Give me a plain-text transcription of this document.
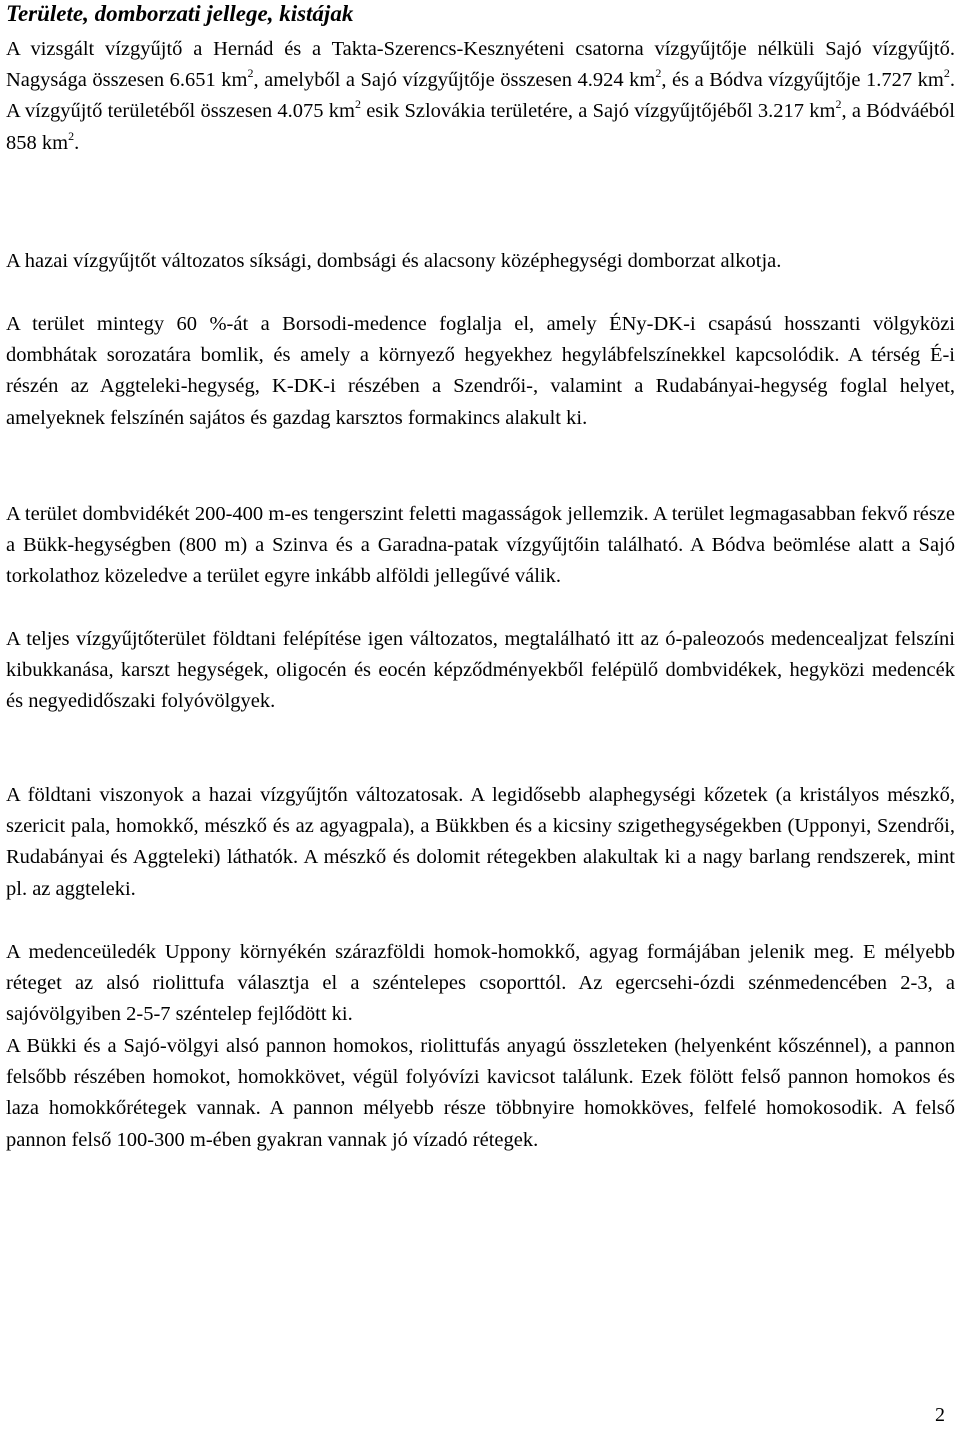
Területe, domborzati jellege, kistájak

A vizsgált vízgyűjtő a Hernád és a Takta-Szerencs-Kesznyéteni csatorna vízgyűjtője nélküli Sajó vízgyűjtő. Nagysága összesen 6.651 $km^2$, amelyből a Sajó vízgyűjtője összesen 4.924 $km^2$, és a Bódva vízgyűjtője 1.727 $km^2$. A vízgyűjtő területéből összesen 4.075 $km^2$ esik Szlovákia területére, a Sajó vízgyűjtőjéből 3.217 $km^2$, a Bódváéból 858 $km^2$.

A hazai vízgyűjtőt változatos síksági, dombsági és alacsony középhegységi domborzat alkotja.

A terület mintegy 60 %-át a Borsodi-medence foglalja el, amely ÉNy-DK-i csapású hosszanti völgyközi dombhátak sorozatára bomlik, és amely a környező hegyekhez hegylábfelszínekkel kapcsolódik. A térség É-i részén az Aggteleki-hegység, K-DK-i részében a Szendrői-, valamint a Rudabányai-hegység foglal helyet, amelyeknek felszínén sajátos és gazdag karsztos formakincs alakult ki.

A terület dombvidékét 200-400 m-es tengerszint feletti magasságok jellemzik. A terület legmagasabban fekvő része a Bükk-hegységben (800 m) a Szinva és a Garadna-patak vízgyűjtőin található. A Bódva beömlése alatt a Sajó torkolathoz közeledve a terület egyre inkább alföldi jellegűvé válik.

A teljes vízgyűjtőterület földtani felépítése igen változatos, megtalálható itt az ó-paleozoós medencealjzat felszíni kibukkanása, karszt hegységek, oligocén és eocén képződményekből felépülő dombvidékek, hegyközi medencék és negyedidőszaki folyóvölgyek.

A földtani viszonyok a hazai vízgyűjtőn változatosak. A legidősebb alaphegységi kőzetek (a kristályos mészkő, szericit pala, homokkő, mészkő és az agyagpala), a Bükkben és a kicsiny szigethegységekben (Upponyi, Szendrői, Rudabányai és Aggteleki) láthatók. A mészkő és dolomit rétegekben alakultak ki a nagy barlang rendszerek, mint pl. az aggteleki.

A medenceüledék Uppony környékén szárazföldi homok-homokkő, agyag formájában jelenik meg. E mélyebb réteget az alsó riolittufa választja el a széntelepes csoporttól. Az egercsehi-ózdi szénmedencében 2-3, a sajóvölgyiben 2-5-7 széntelep fejlődött ki.

A Bükki és a Sajó-völgyi alsó pannon homokos, riolittufás anyagú összleteken (helyenként kőszénnel), a pannon felsőbb részében homokot, homokkövet, végül folyóvízi kavicsot találunk. Ezek fölött felső pannon homokos és laza homokkőrétegek vannak. A pannon mélyebb része többnyire homokköves, felfelé homokosodik. A felső pannon felső 100-300 m-ében gyakran vannak jó vízadó rétegek.

2
